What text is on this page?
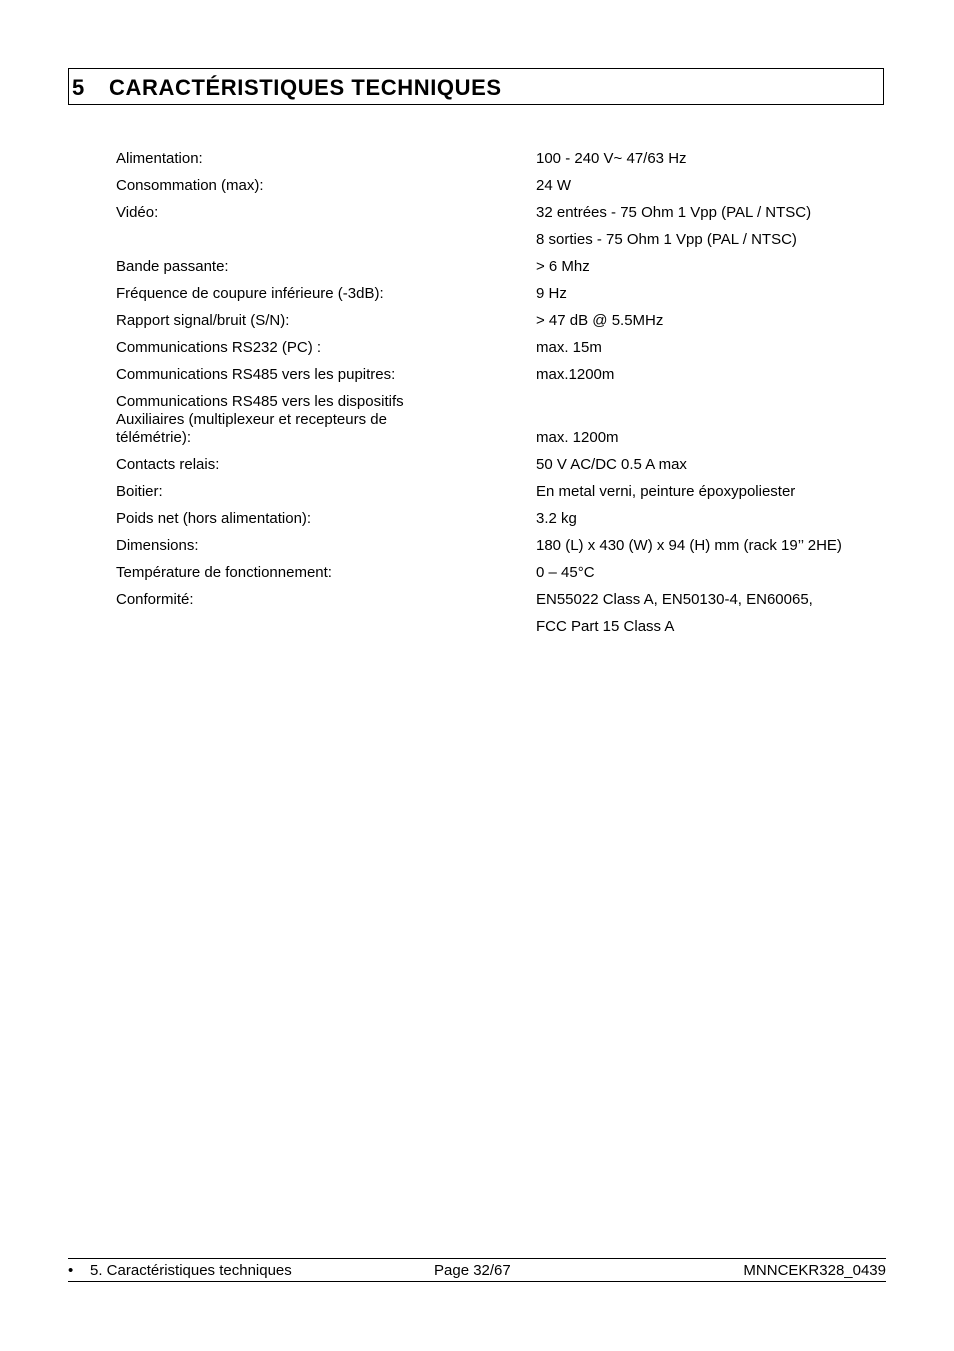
5 CARACTÉRISTIQUES TECHNIQUES
Alimentation:	100 - 240 V~ 47/63 Hz
Consommation (max):	24 W
Vidéo:	32 entrées - 75 Ohm 1 Vpp (PAL / NTSC)
8 sorties - 75 Ohm 1 Vpp (PAL / NTSC)
Bande passante:	> 6 Mhz
Fréquence de coupure inférieure (-3dB):	9 Hz
Rapport signal/bruit (S/N):	> 47 dB @ 5.5MHz
Communications RS232 (PC) :	max. 15m
Communications RS485 vers les pupitres:	max.1200m
Communications RS485 vers les dispositifs
Auxiliaires (multiplexeur et recepteurs de
télémétrie):	max. 1200m
Contacts relais:	50 V AC/DC 0.5 A max
Boitier:	En metal verni, peinture époxypoliester
Poids net (hors alimentation):	3.2 kg
Dimensions:	180 (L) x 430 (W) x 94 (H) mm (rack 19’’ 2HE)
Température de fonctionnement:	0 – 45°C
Conformité:	EN55022 Class A, EN50130-4, EN60065,
FCC Part 15 Class A
• 5. Caractéristiques techniques	Page 32/67	MNNCEKR328_0439
